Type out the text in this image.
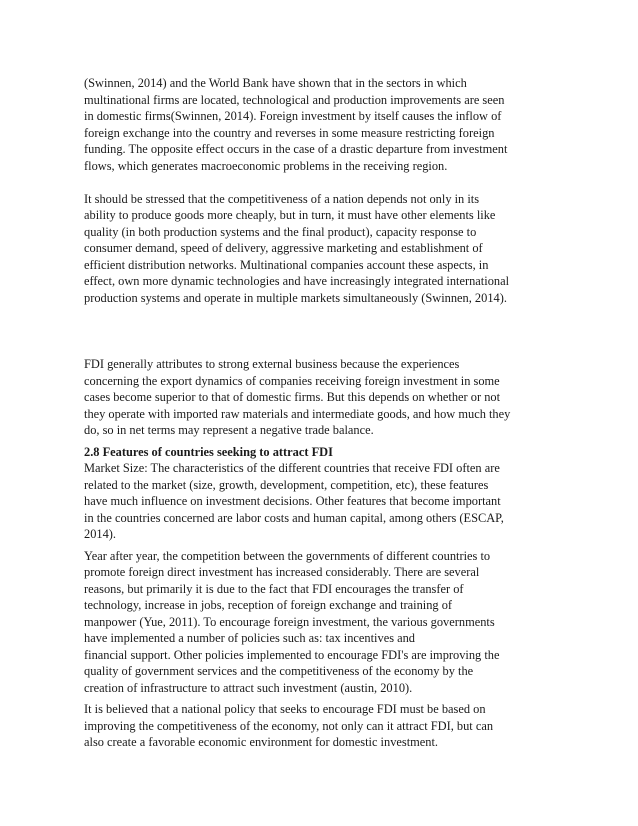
(Swinnen, 2014) and the World Bank have shown that in the sectors in which
multinational firms are located, technological and production improvements are seen
in domestic firms(Swinnen, 2014). Foreign investment by itself causes the inflow of
foreign exchange into the country and reverses in some measure restricting foreign
funding. The opposite effect occurs in the case of a drastic departure from investment
flows, which generates macroeconomic problems in the receiving region.
It should be stressed that the competitiveness of a nation depends not only in its
ability to produce goods more cheaply, but in turn, it must have other elements like
quality (in both production systems and the final product), capacity response to
consumer demand, speed of delivery, aggressive marketing and establishment of
efficient distribution networks. Multinational companies account these aspects, in
effect, own more dynamic technologies and have increasingly integrated international
production systems and operate in multiple markets simultaneously (Swinnen, 2014).
FDI generally attributes to strong external business because the experiences
concerning the export dynamics of companies receiving foreign investment in some
cases become superior to that of domestic firms. But this depends on whether or not
they operate with imported raw materials and intermediate goods, and how much they
do, so in net terms may represent a negative trade balance.
2.8 Features of countries seeking to attract FDI
Market Size: The characteristics of the different countries that receive FDI often are
related to the market (size, growth, development, competition, etc), these features
have much influence on investment decisions. Other features that become important
in the countries concerned are labor costs and human capital, among others (ESCAP,
2014).
Year after year, the competition between the governments of different countries to
promote foreign direct investment has increased considerably. There are several
reasons, but primarily it is due to the fact that FDI encourages the transfer of
technology, increase in jobs, reception of foreign exchange and training of
manpower (Yue, 2011). To encourage foreign investment, the various governments
have implemented a number of policies such as: tax incentives and
financial support. Other policies implemented to encourage FDI's are improving the
quality of government services and the competitiveness of the economy by the
creation of infrastructure to attract such investment (austin, 2010).
It is believed that a national policy that seeks to encourage FDI must be based on
improving the competitiveness of the economy, not only can it attract FDI, but can
also create a favorable economic environment for domestic investment.
